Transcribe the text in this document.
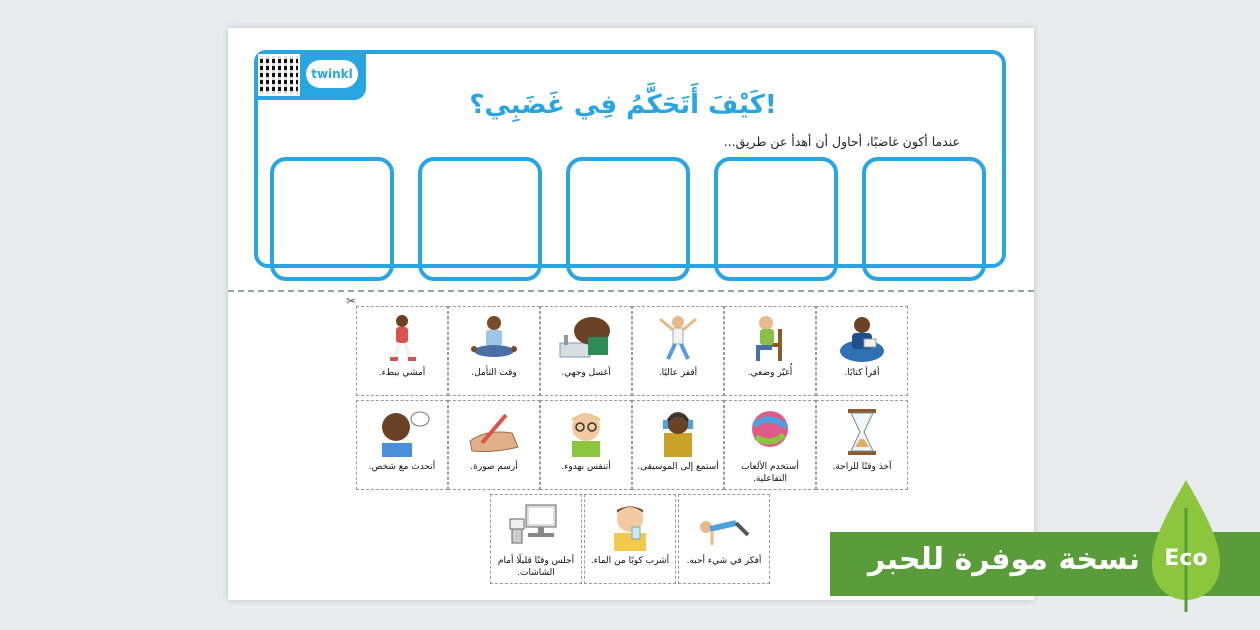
twinkl
كَيْفَ أَتَحَكَّمُ فِي غَضَبِي؟!
عندما أكون غاضبًا، أحاول أن أهدأ عن طريق...
✂
أقرأ كتابًا.
أُغيّر وضعي.
أقفز عاليًا.
أغسل وجهي.
وقت التأمل.
أمشي ببطء.
آخذ وقتًا للراحة.
أستخدم الألعاب التفاعلية.
أستمع إلى الموسيقى.
أتنفس بهدوء.
أرسم صورة.
أتحدث مع شخص.
أفكر في شيء أحبه.
أشرب كوبًا من الماء.
أجلس وقتًا قليلًا أمام الشاشات.	نسخة موفرة للحبر	Eco
